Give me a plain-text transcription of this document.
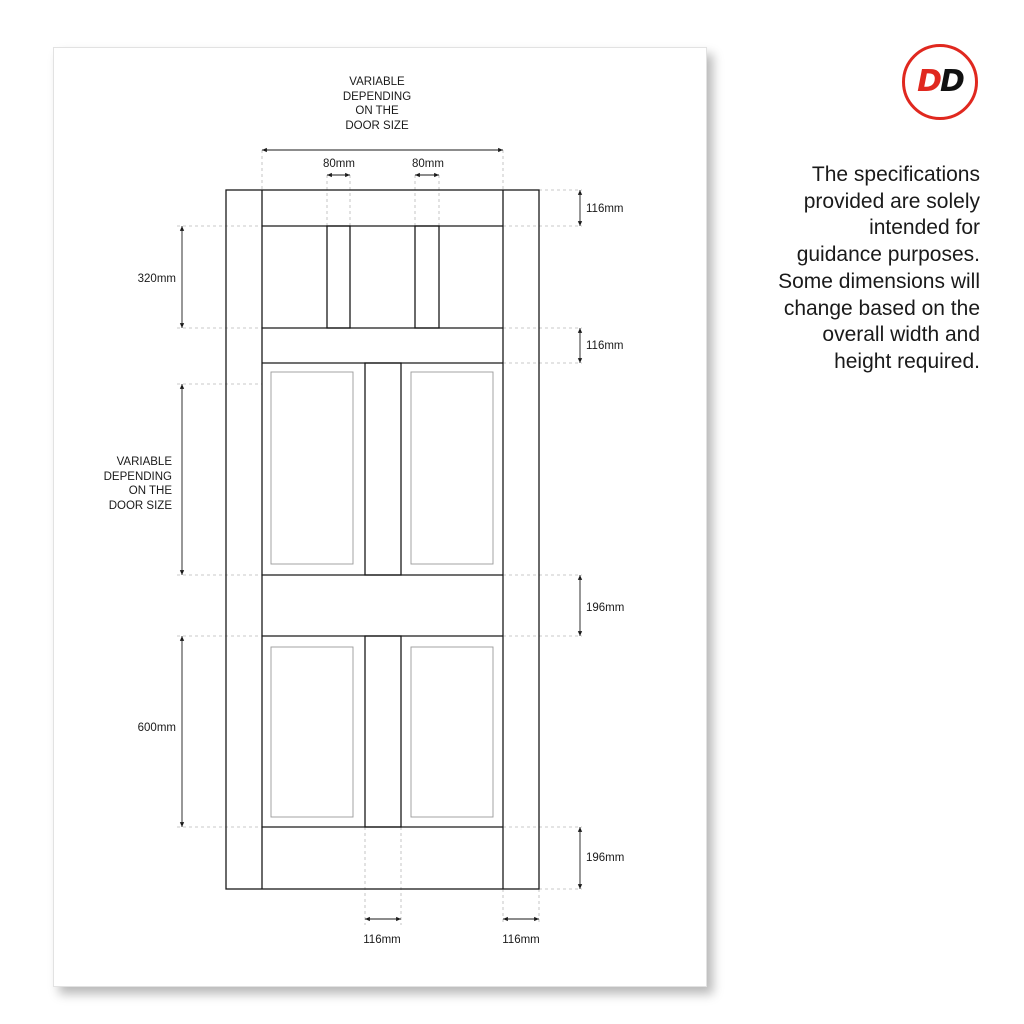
VARIABLE
DEPENDING
ON THE
DOOR SIZE
80mm	80mm
116mm
320mm
116mm
VARIABLE
DEPENDING
ON THE
DOOR SIZE
196mm
600mm
196mm
116mm	116mm
DD
The specifications
provided are solely
intended for
guidance purposes.
Some dimensions will
change based on the
overall width and
height required.
